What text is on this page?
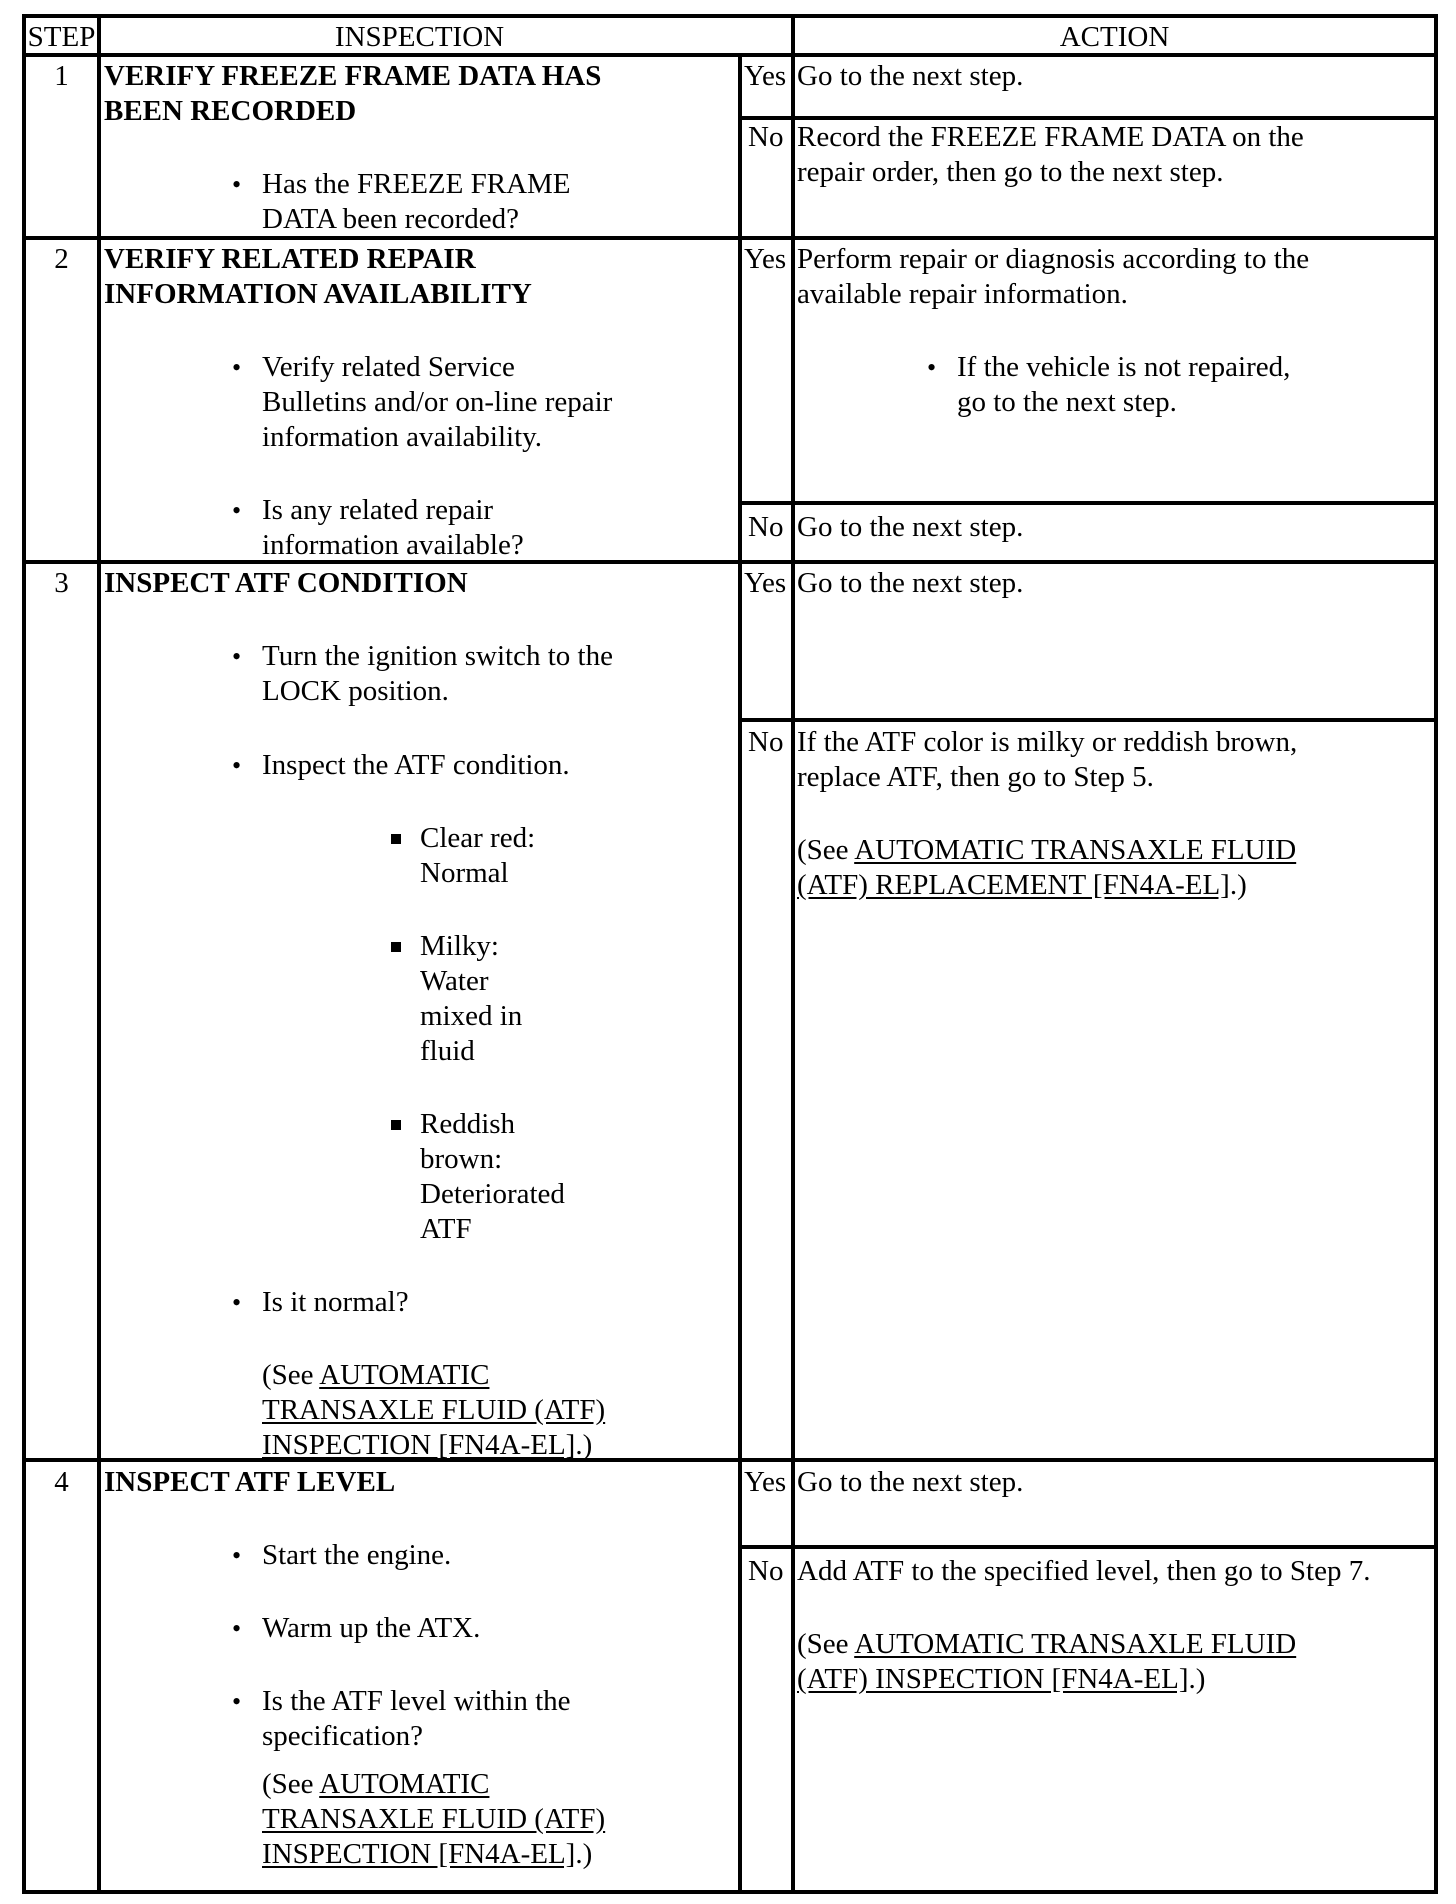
STEP	INSPECTION	ACTION
1	VERIFY FREEZE FRAME DATA HAS
BEEN RECORDED
• Has the FREEZE FRAME
DATA been recorded?
Yes Go to the next step.
No Record the FREEZE FRAME DATA on the
repair order, then go to the next step.
2	VERIFY RELATED REPAIR
INFORMATION AVAILABILITY
• Verify related Service
Bulletins and/or on-line repair
information availability.
• Is any related repair
information available?
Yes Perform repair or diagnosis according to the
available repair information.
• If the vehicle is not repaired,
go to the next step.
No Go to the next step.
3	INSPECT ATF CONDITION
• Turn the ignition switch to the
LOCK position.
• Inspect the ATF condition.
Clear red:
Normal
Milky:
Water
mixed in
fluid
Reddish
brown:
Deteriorated
ATF
• Is it normal?
(See AUTOMATIC
TRANSAXLE FLUID (ATF)
INSPECTION [FN4A-EL].)
Yes Go to the next step.
No If the ATF color is milky or reddish brown,
replace ATF, then go to Step 5.
(See AUTOMATIC TRANSAXLE FLUID
(ATF) REPLACEMENT [FN4A-EL].)
4	INSPECT ATF LEVEL
• Start the engine.
• Warm up the ATX.
• Is the ATF level within the
specification?
(See AUTOMATIC
TRANSAXLE FLUID (ATF)
INSPECTION [FN4A-EL].)
Yes Go to the next step.
No Add ATF to the specified level, then go to Step 7.
(See AUTOMATIC TRANSAXLE FLUID
(ATF) INSPECTION [FN4A-EL].)
